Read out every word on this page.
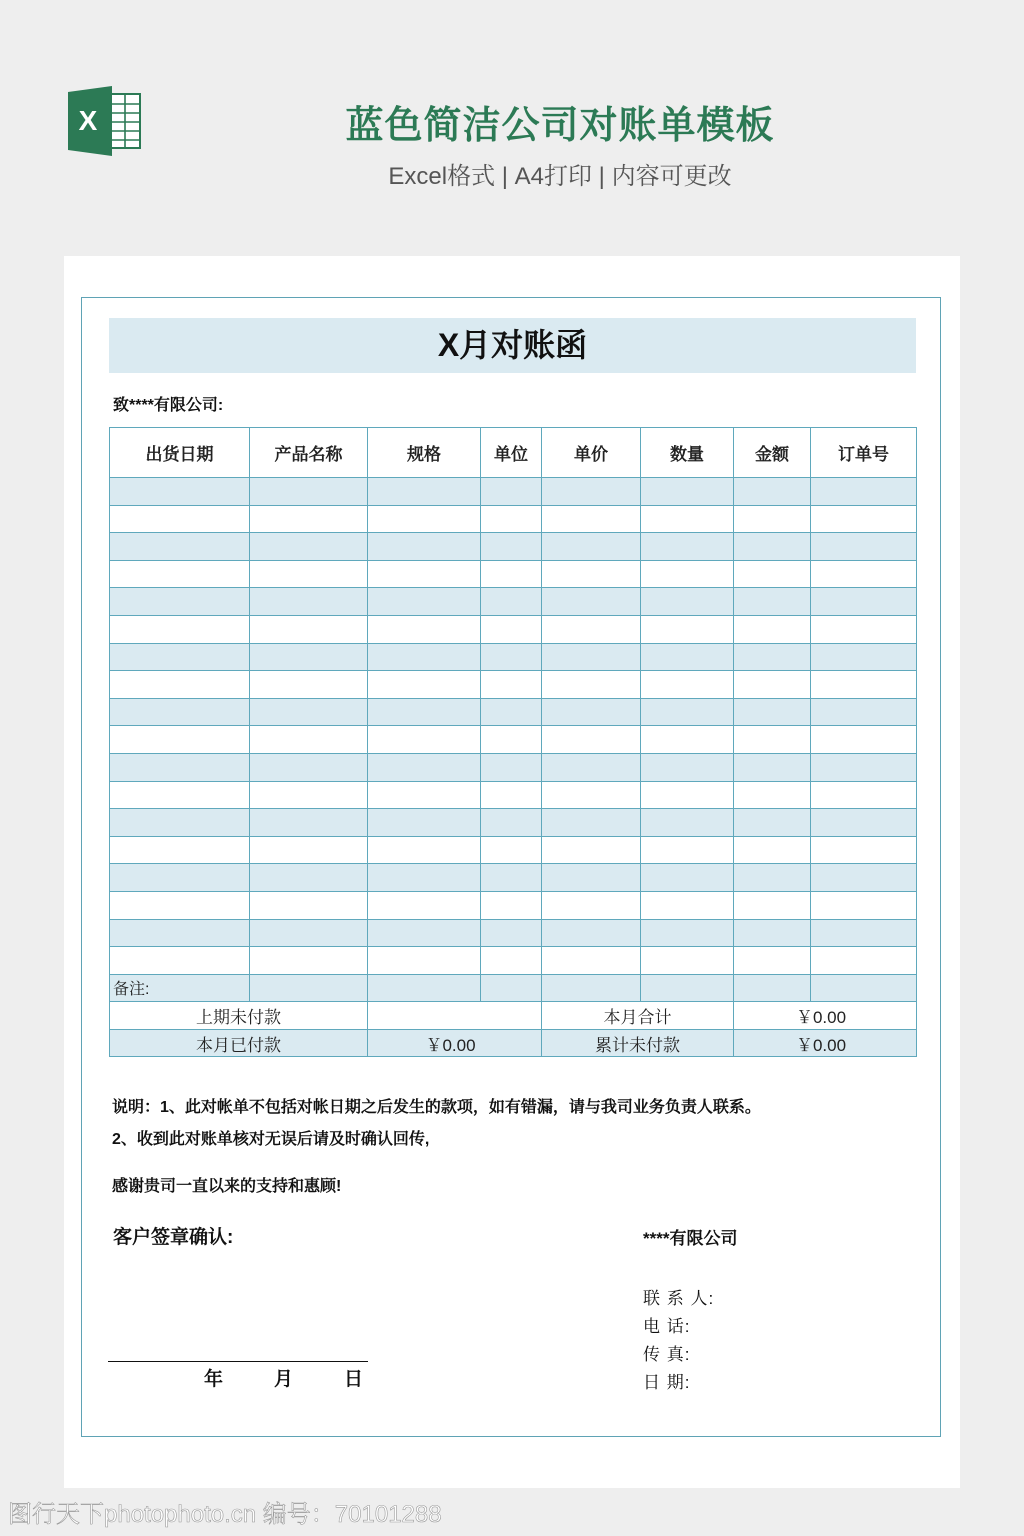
X	蓝色简洁公司对账单模板
Excel格式 | A4打印 | 内容可更改
X月对账函
致****有限公司:
出货日期	产品名称	规格	单位	单价	数量	金额	订单号

备注:							
上期未付款				本月合计		￥0.00	
本月已付款		￥0.00		累计未付款		￥0.00	
说明：1、此对帐单不包括对帐日期之后发生的款项，如有错漏，请与我司业务负责人联系。
2、收到此对账单核对无误后请及时确认回传,
感谢贵司一直以来的支持和惠顾!
客户签章确认:	****有限公司
联 系 人:
电 话:
传 真:
日 期:
年	月	日
图行天下photophoto.cn 编号：70101288
